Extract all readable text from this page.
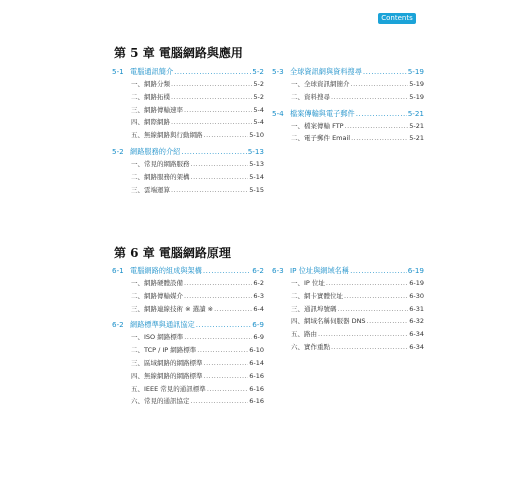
Contents
第 5 章 電腦網路與應用
5-1 電腦通訊簡介 .....	5-2
一、網路分類 .....	5-2
二、網路拓樸 .....	5-2
三、網路傳輸速率 .....	5-4
四、網際網路 .....	5-4
五、無線網路與行動網路 .....	5-10
5-2 網路服務的介紹 .....	5-13
一、常見的網路服務 .....	5-13
二、網路服務的架構 .....	5-14
三、雲端運算 .....	5-15
5-3 全球資訊網與資料搜尋 .....	5-19
一、全球資訊網簡介 .....	5-19
二、資料搜尋 .....	5-19
5-4 檔案傳輸與電子郵件 .....	5-21
一、檔案傳輸 FTP .....	5-21
二、電子郵件 Email .....	5-21
第 6 章 電腦網路原理
6-1 電腦網路的組成與架構 .....	6-2
一、網路硬體設備 .....	6-2
二、網路傳輸媒介 .....	6-3
三、網路連線技術 ※ 選讀 ※ .....	6-4
6-2 網路標準與通訊協定 .....	6-9
一、ISO 網路標準 .....	6-9
二、TCP / IP 網路標準 .....	6-10
三、區域網路的網路標準 .....	6-14
四、無線網路的網路標準 .....	6-16
五、IEEE 常見的通訊標準 .....	6-16
六、常見的通訊協定 .....	6-16
6-3 IP 位址與網域名稱 .....	6-19
一、IP 位址 .....	6-19
二、網卡實體位址 .....	6-30
三、通訊埠號碼 .....	6-31
四、網域名稱伺服器 DNS .....	6-32
五、路由 .....	6-34
六、實作重點 .....	6-34
